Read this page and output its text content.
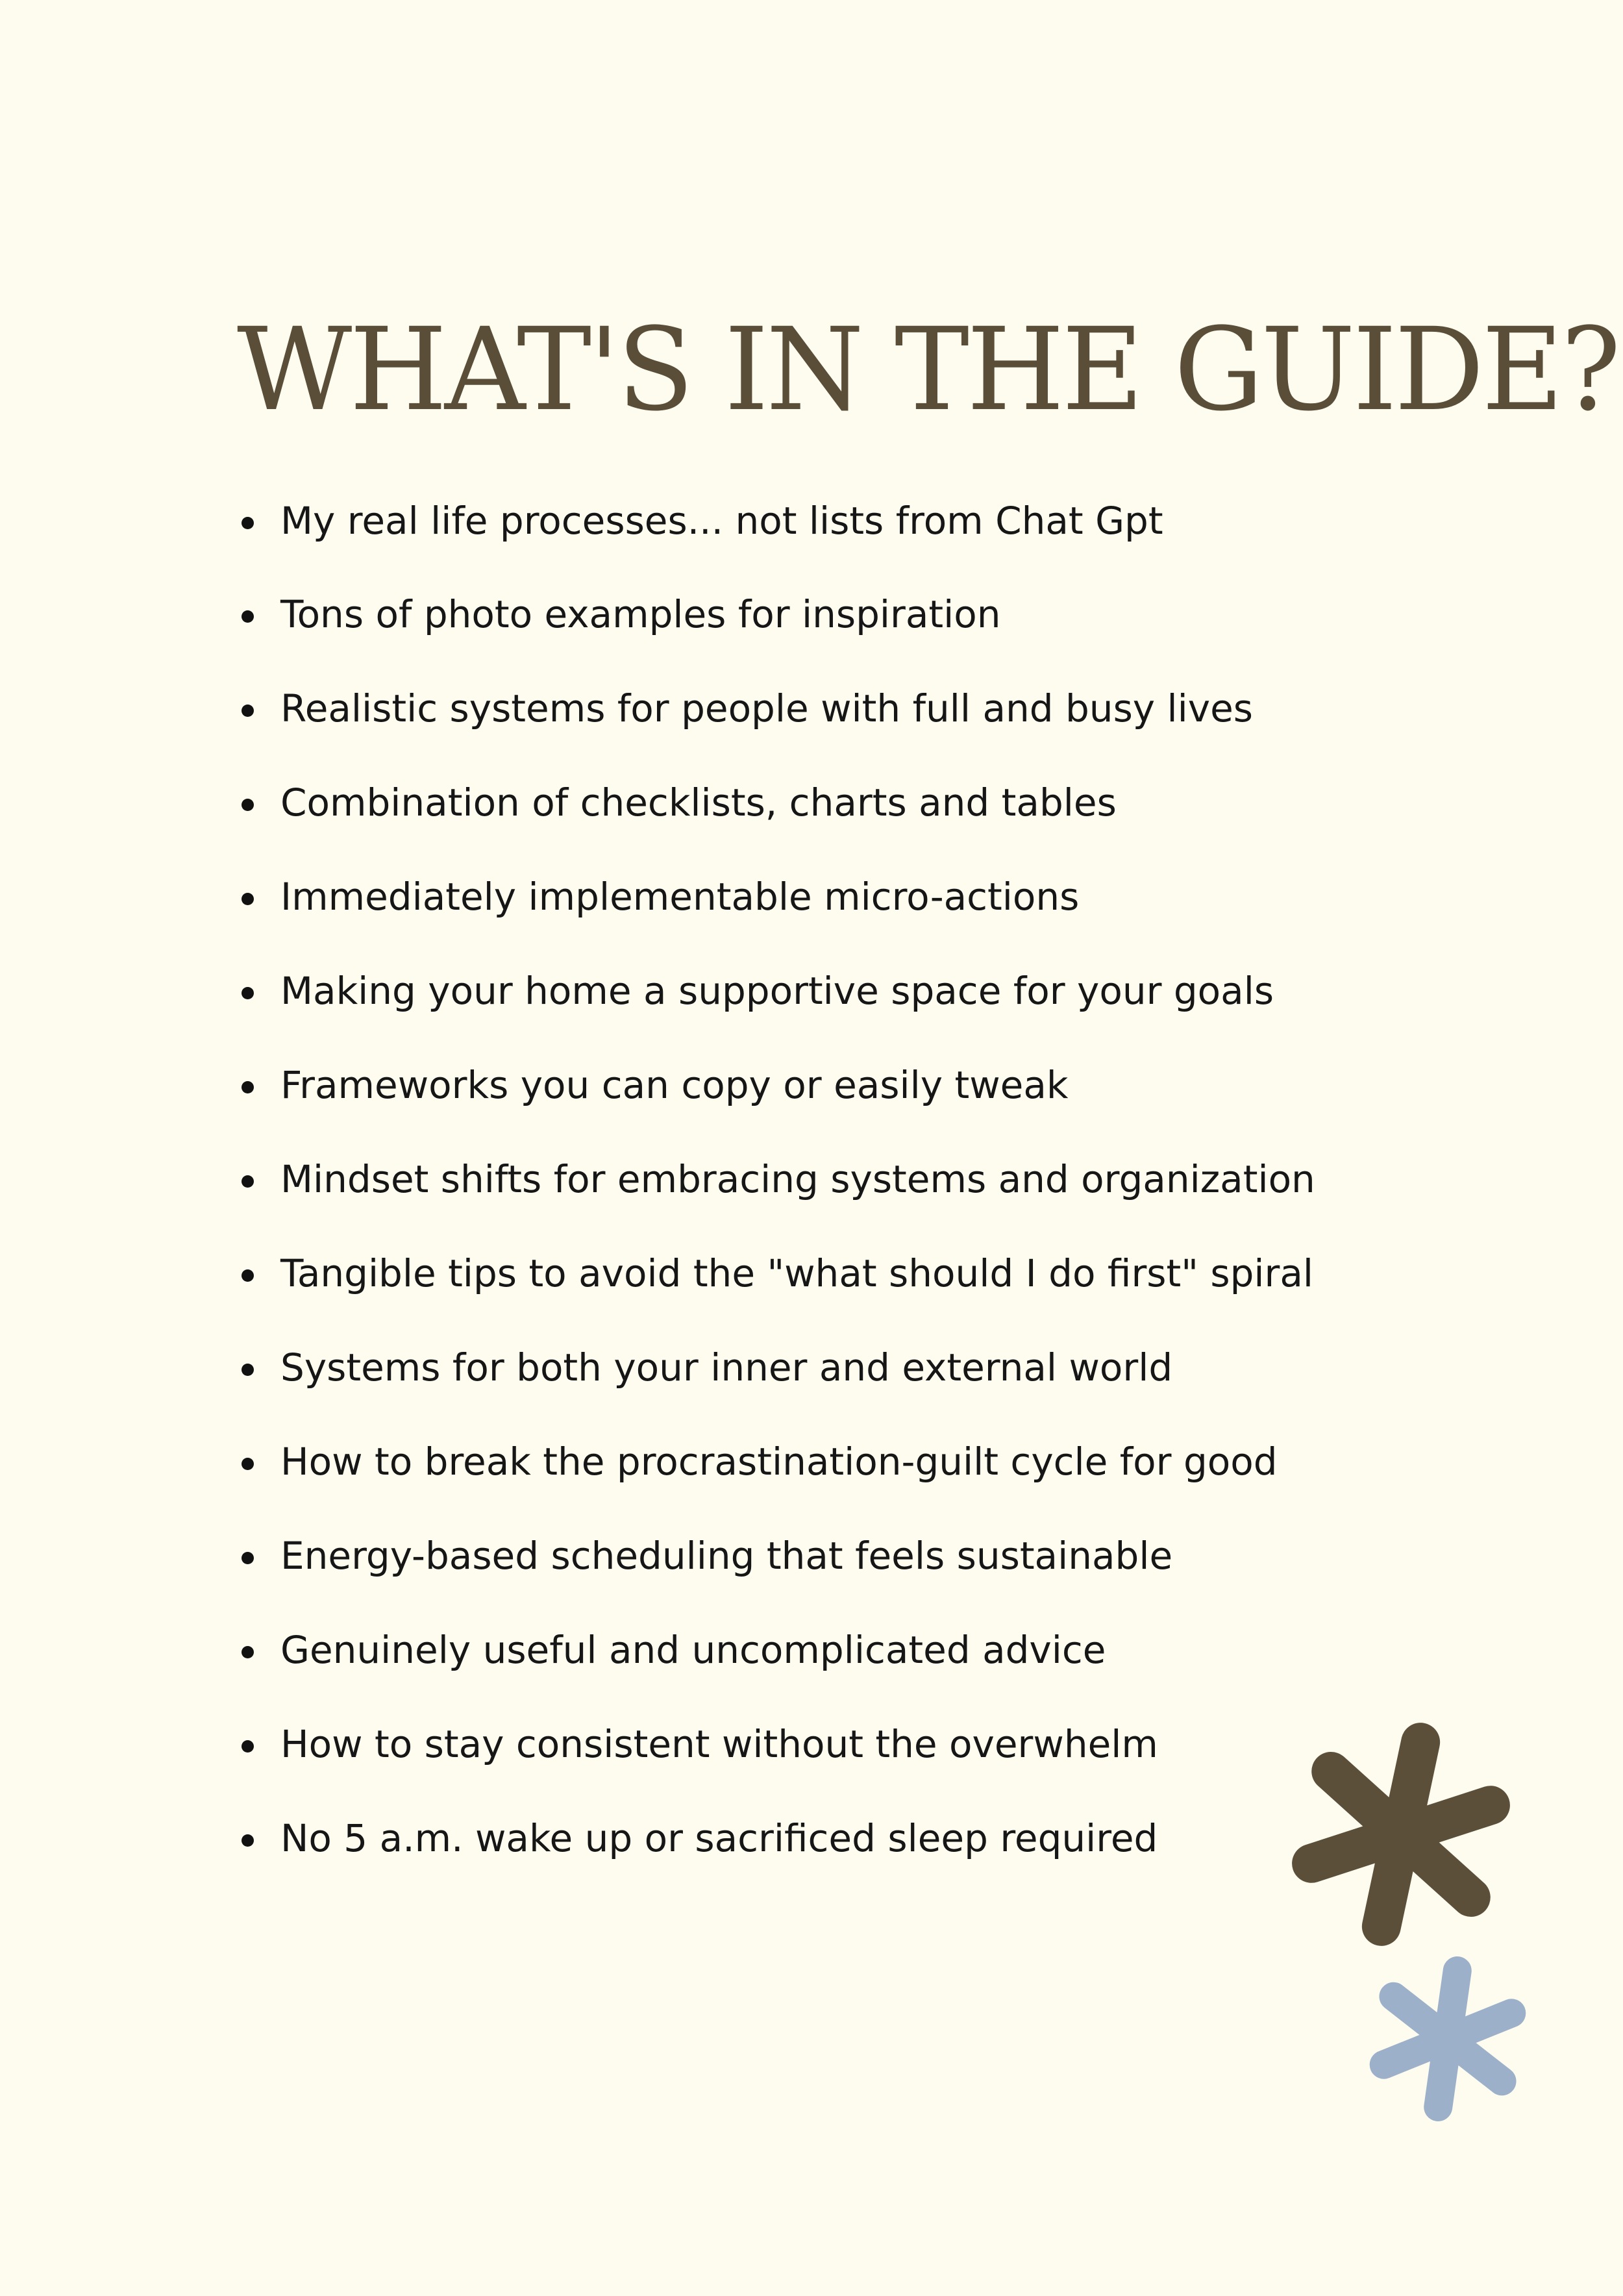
WHAT'S IN THE GUIDE?
My real life processes... not lists from Chat Gpt
Tons of photo examples for inspiration
Realistic systems for people with full and busy lives
Combination of checklists, charts and tables
Immediately implementable micro-actions
Making your home a supportive space for your goals
Frameworks you can copy or easily tweak
Mindset shifts for embracing systems and organization
Tangible tips to avoid the "what should I do first" spiral
Systems for both your inner and external world
How to break the procrastination-guilt cycle for good
Energy-based scheduling that feels sustainable
Genuinely useful and uncomplicated advice
How to stay consistent without the overwhelm
No 5 a.m. wake up or sacrificed sleep required
